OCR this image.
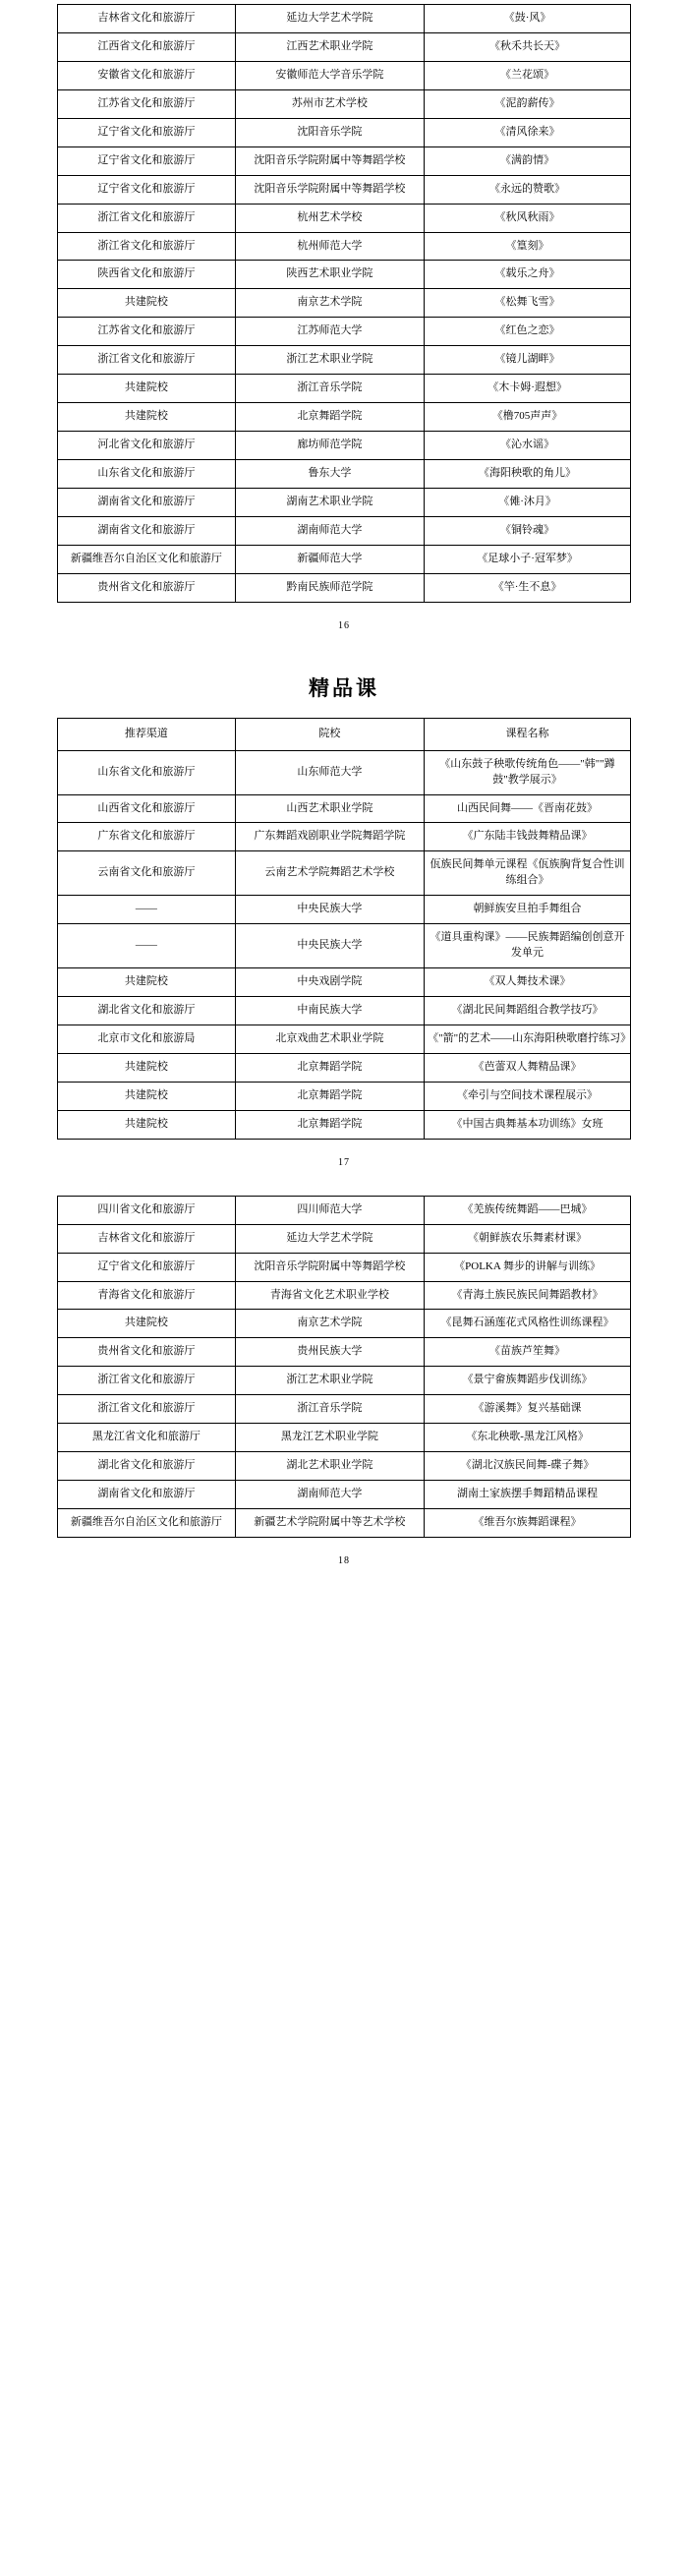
吉林省文化和旅游厅	延边大学艺术学院	《鼓·风》
江西省文化和旅游厅	江西艺术职业学院	《秋禾共长天》
安徽省文化和旅游厅	安徽师范大学音乐学院	《兰花颂》
江苏省文化和旅游厅	苏州市艺术学校	《泥韵薪传》
辽宁省文化和旅游厅	沈阳音乐学院	《清风徐来》
辽宁省文化和旅游厅	沈阳音乐学院附属中等舞蹈学校	《满韵情》
辽宁省文化和旅游厅	沈阳音乐学院附属中等舞蹈学校	《永远的赞歌》
浙江省文化和旅游厅	杭州艺术学校	《秋风秋雨》
浙江省文化和旅游厅	杭州师范大学	《篁刻》
陕西省文化和旅游厅	陕西艺术职业学院	《载乐之舟》
共建院校	南京艺术学院	《松舞飞雪》
江苏省文化和旅游厅	江苏师范大学	《红色之恋》
浙江省文化和旅游厅	浙江艺术职业学院	《镜儿湖畔》
共建院校	浙江音乐学院	《木卡姆·遐想》
共建院校	北京舞蹈学院	《橹705声声》
河北省文化和旅游厅	廊坊师范学院	《沁水谣》
山东省文化和旅游厅	鲁东大学	《海阳秧歌的角儿》
湖南省文化和旅游厅	湖南艺术职业学院	《傩·沐月》
湖南省文化和旅游厅	湖南师范大学	《铜铃魂》
新疆维吾尔自治区文化和旅游厅	新疆师范大学	《足球小子·冠军梦》
贵州省文化和旅游厅	黔南民族师范学院	《竿·生不息》
16
精品课
推荐渠道	院校	课程名称
山东省文化和旅游厅	山东师范大学	《山东鼓子秧歌传统角色——"韩""蹲鼓"教学展示》
山西省文化和旅游厅	山西艺术职业学院	山西民间舞——《晋南花鼓》
广东省文化和旅游厅	广东舞蹈戏剧职业学院舞蹈学院	《广东陆丰钱鼓舞精品课》
云南省文化和旅游厅	云南艺术学院舞蹈艺术学校	佤族民间舞单元课程《佤族胸背复合性训练组合》
——	中央民族大学	朝鲜族安旦拍手舞组合
——	中央民族大学	《道具重构课》——民族舞蹈编创创意开发单元
共建院校	中央戏剧学院	《双人舞技术课》
湖北省文化和旅游厅	中南民族大学	《湖北民间舞蹈组合教学技巧》
北京市文化和旅游局	北京戏曲艺术职业学院	《"箭"的艺术——山东海阳秧歌磨拧练习》
共建院校	北京舞蹈学院	《芭蕾双人舞精品课》
共建院校	北京舞蹈学院	《牵引与空间技术课程展示》
共建院校	北京舞蹈学院	《中国古典舞基本功训练》女班
17
四川省文化和旅游厅	四川师范大学	《羌族传统舞蹈——巴城》
吉林省文化和旅游厅	延边大学艺术学院	《朝鲜族农乐舞素材课》
辽宁省文化和旅游厅	沈阳音乐学院附属中等舞蹈学校	《POLKA 舞步的讲解与训练》
青海省文化和旅游厅	青海省文化艺术职业学校	《青海土族民族民间舞蹈教材》
共建院校	南京艺术学院	《昆舞石涵莲花式风格性训练课程》
贵州省文化和旅游厅	贵州民族大学	《苗族芦笙舞》
浙江省文化和旅游厅	浙江艺术职业学院	《景宁畲族舞蹈步伐训练》
浙江省文化和旅游厅	浙江音乐学院	《游溪舞》复兴基础课
黑龙江省文化和旅游厅	黑龙江艺术职业学院	《东北秧歌-黑龙江风格》
湖北省文化和旅游厅	湖北艺术职业学院	《湖北汉族民间舞-碟子舞》
湖南省文化和旅游厅	湖南师范大学	湖南土家族摆手舞蹈精品课程
新疆维吾尔自治区文化和旅游厅	新疆艺术学院附属中等艺术学校	《维吾尔族舞蹈课程》
18
